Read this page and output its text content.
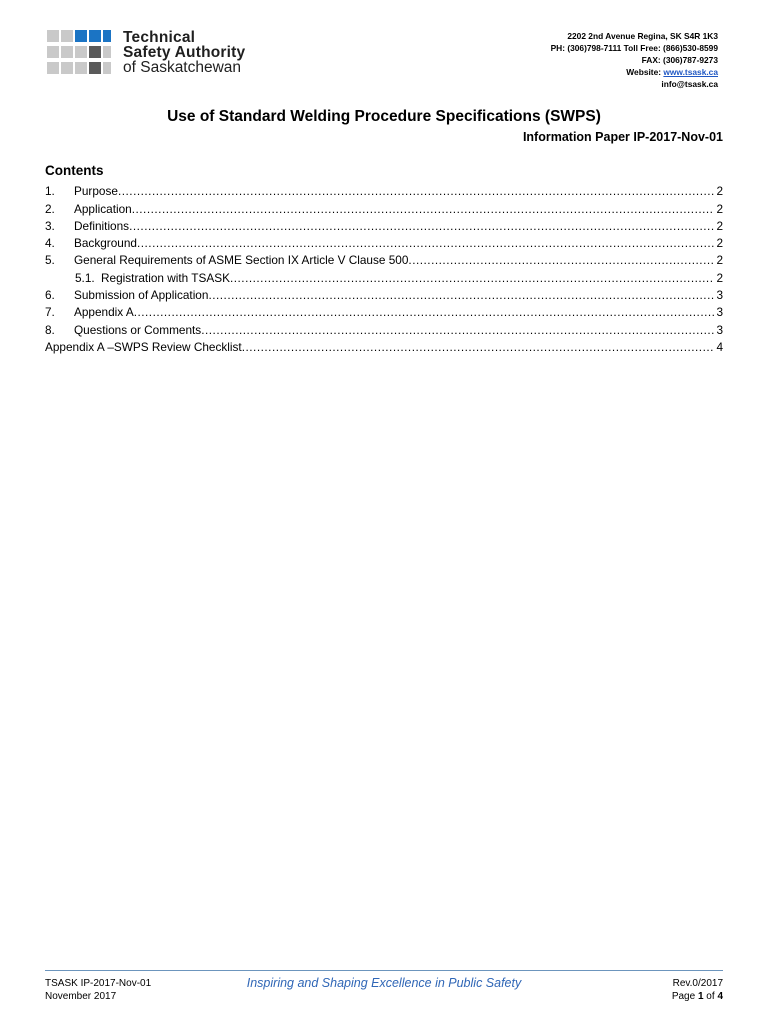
Technical
Safety Authority
of Saskatchewan
2202 2nd Avenue Regina, SK S4R 1K3
PH: (306)798-7111 Toll Free: (866)530-8599
FAX: (306)787-9273
Website: www.tsask.ca
info@tsask.ca
Use of Standard Welding Procedure Specifications (SWPS)
Information Paper IP-2017-Nov-01
Contents
1.	Purpose .....	2
2.	Application .....	2
3.	Definitions .....	2
4.	Background .....	2
5.	General Requirements of ASME Section IX Article V Clause 500 .....	2
5.1. Registration with TSASK .....	2
6.	Submission of Application .....	3
7.	Appendix A .....	3
8.	Questions or Comments .....	3
Appendix A –SWPS Review Checklist .....	4
TSASK IP-2017-Nov-01
November 2017
Inspiring and Shaping Excellence in Public Safety	Rev.0/2017
Page 1 of 4
